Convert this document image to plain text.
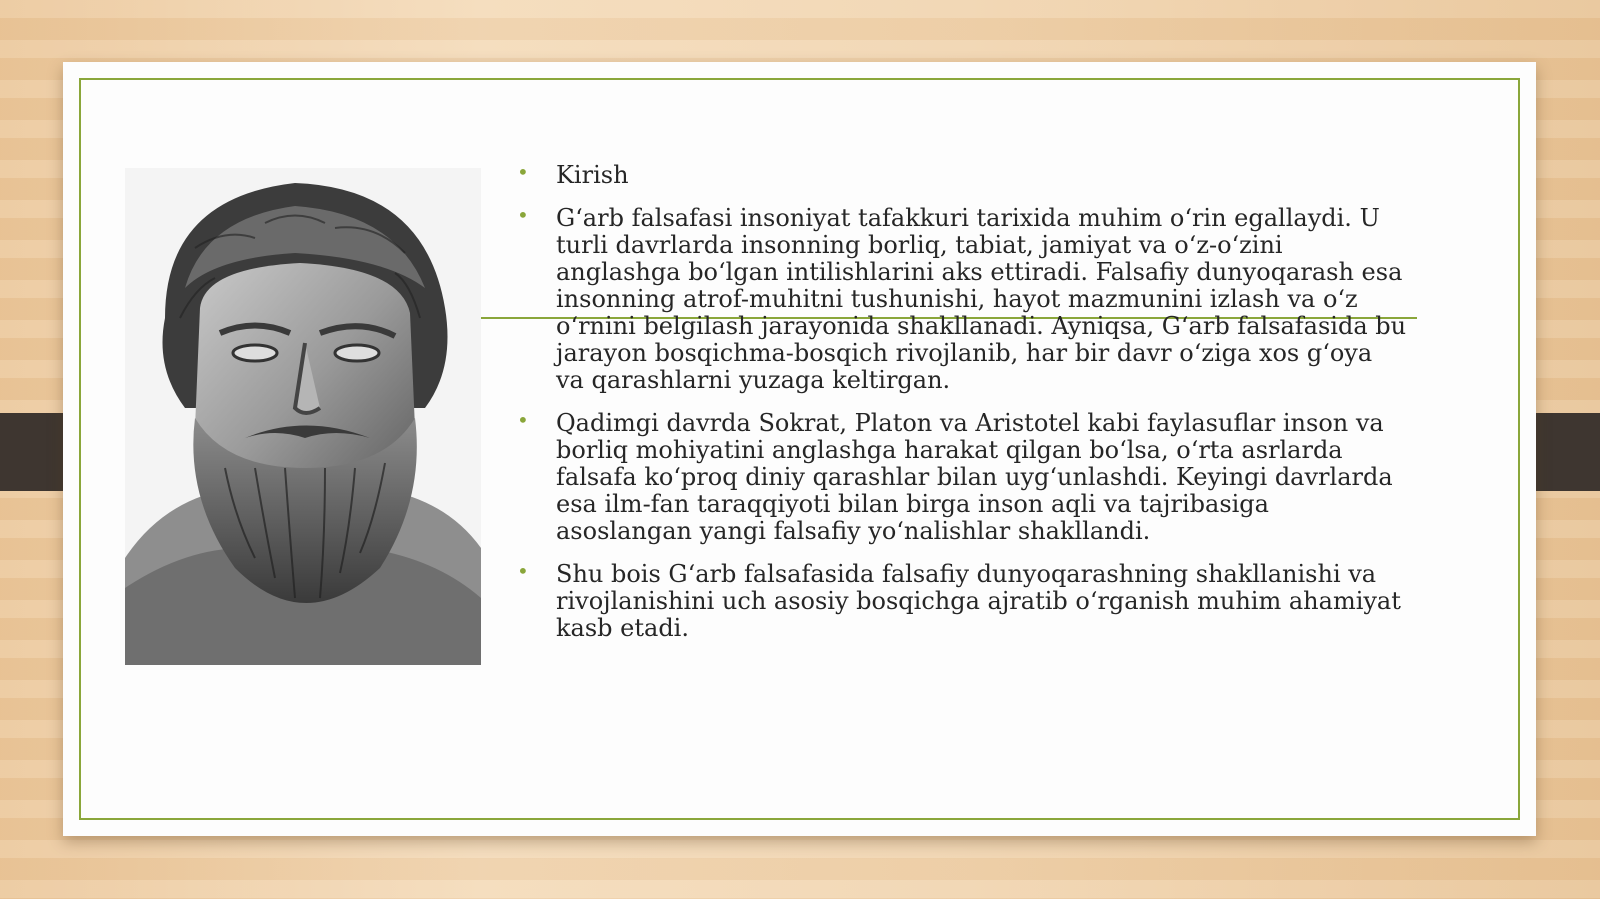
• Kirish
• G‘arb falsafasi insoniyat tafakkuri tarixida muhim o‘rin egallaydi. U turli davrlarda insonning borliq, tabiat, jamiyat va o‘z-o‘zini anglashga bo‘lgan intilishlarini aks ettiradi. Falsafiy dunyoqarash esa insonning atrof-muhitni tushunishi, hayot mazmunini izlash va o‘z o‘rnini belgilash jarayonida shakllanadi. Ayniqsa, G‘arb falsafasida bu jarayon bosqichma-bosqich rivojlanib, har bir davr o‘ziga xos g‘oya va qarashlarni yuzaga keltirgan.
• Qadimgi davrda Sokrat, Platon va Aristotel kabi faylasuflar inson va borliq mohiyatini anglashga harakat qilgan bo‘lsa, o‘rta asrlarda falsafa ko‘proq diniy qarashlar bilan uyg‘unlashdi. Keyingi davrlarda esa ilm-fan taraqqiyoti bilan birga inson aqli va tajribasiga asoslangan yangi falsafiy yo‘nalishlar shakllandi.
• Shu bois G‘arb falsafasida falsafiy dunyoqarashning shakllanishi va rivojlanishini uch asosiy bosqichga ajratib o‘rganish muhim ahamiyat kasb etadi.
